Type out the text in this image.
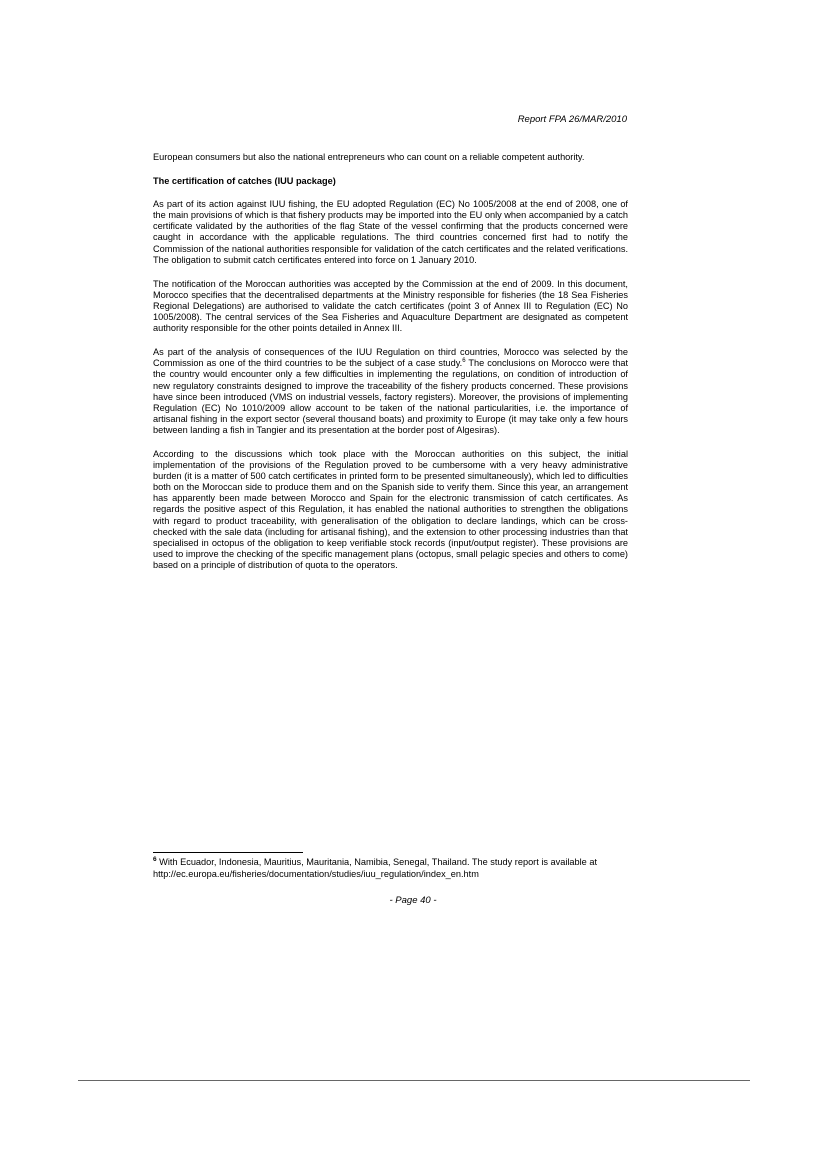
Report FPA 26/MAR/2010

European consumers but also the national entrepreneurs who can count on a reliable competent authority.

The certification of catches (IUU package)

As part of its action against IUU fishing, the EU adopted Regulation (EC) No 1005/2008 at the end of 2008, one of the main provisions of which is that fishery products may be imported into the EU only when accompanied by a catch certificate validated by the authorities of the flag State of the vessel confirming that the products concerned were caught in accordance with the applicable regulations. The third countries concerned first had to notify the Commission of the national authorities responsible for validation of the catch certificates and the related verifications. The obligation to submit catch certificates entered into force on 1 January 2010.

The notification of the Moroccan authorities was accepted by the Commission at the end of 2009. In this document, Morocco specifies that the decentralised departments at the Ministry responsible for fisheries (the 18 Sea Fisheries Regional Delegations) are authorised to validate the catch certificates (point 3 of Annex III to Regulation (EC) No 1005/2008). The central services of the Sea Fisheries and Aquaculture Department are designated as competent authority responsible for the other points detailed in Annex III.

As part of the analysis of consequences of the IUU Regulation on third countries, Morocco was selected by the Commission as one of the third countries to be the subject of a case study.$^6$ The conclusions on Morocco were that the country would encounter only a few difficulties in implementing the regulations, on condition of introduction of new regulatory constraints designed to improve the traceability of the fishery products concerned. These provisions have since been introduced (VMS on industrial vessels, factory registers). Moreover, the provisions of implementing Regulation (EC) No 1010/2009 allow account to be taken of the national particularities, i.e. the importance of artisanal fishing in the export sector (several thousand boats) and proximity to Europe (it may take only a few hours between landing a fish in Tangier and its presentation at the border post of Algesiras).

According to the discussions which took place with the Moroccan authorities on this subject, the initial implementation of the provisions of the Regulation proved to be cumbersome with a very heavy administrative burden (it is a matter of 500 catch certificates in printed form to be presented simultaneously), which led to difficulties both on the Moroccan side to produce them and on the Spanish side to verify them. Since this year, an arrangement has apparently been made between Morocco and Spain for the electronic transmission of catch certificates. As regards the positive aspect of this Regulation, it has enabled the national authorities to strengthen the obligations with regard to product traceability, with generalisation of the obligation to declare landings, which can be cross-checked with the sale data (including for artisanal fishing), and the extension to other processing industries than that specialised in octopus of the obligation to keep verifiable stock records (input/output register). These provisions are used to improve the checking of the specific management plans (octopus, small pelagic species and others to come) based on a principle of distribution of quota to the operators.

$^6$ With Ecuador, Indonesia, Mauritius, Mauritania, Namibia, Senegal, Thailand. The study report is available at http://ec.europa.eu/fisheries/documentation/studies/iuu_regulation/index_en.htm
- Page 40 -
